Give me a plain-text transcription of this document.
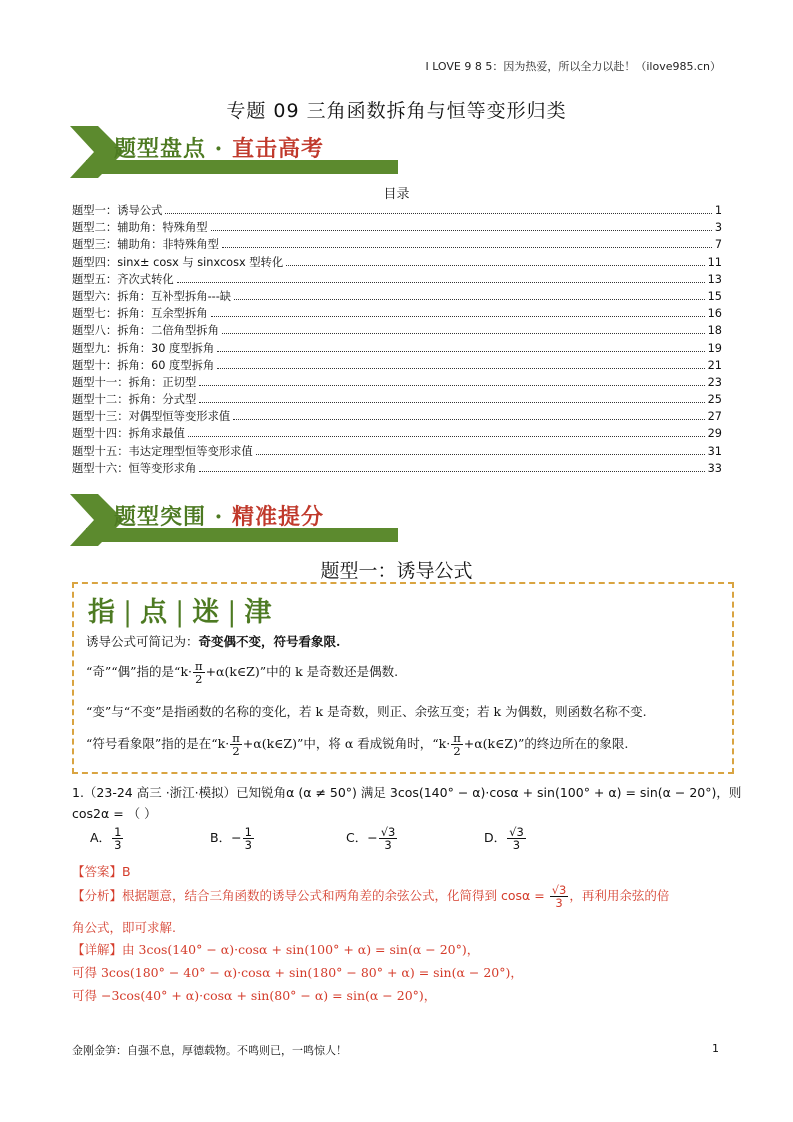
I LOVE 9 8 5：因为热爱，所以全力以赴！（ilove985.cn）
专题 09 三角函数拆角与恒等变形归类
题型盘点 · 直击高考
目录
题型一：诱导公式	1
题型二：辅助角：特殊角型	3
题型三：辅助角：非特殊角型	7
题型四：sinx± cosx 与 sinxcosx 型转化	11
题型五：齐次式转化	13
题型六：拆角：互补型拆角---缺	15
题型七：拆角：互余型拆角	16
题型八：拆角：二倍角型拆角	18
题型九：拆角：30 度型拆角	19
题型十：拆角：60 度型拆角	21
题型十一：拆角：正切型	23
题型十二：拆角：分式型	25
题型十三：对偶型恒等变形求值	27
题型十四：拆角求最值	29
题型十五：韦达定理型恒等变形求值	31
题型十六：恒等变形求角	33
题型突围 · 精准提分
题型一：诱导公式
指 | 点 | 迷 | 津
诱导公式可简记为：奇变偶不变，符号看象限.
“奇”“偶”指的是“$k\cdot \frac{\pi}{2}$ +α(k∈Z)”中的 k 是奇数还是偶数.
“变”与“不变”是指函数的名称的变化，若 k 是奇数，则正、余弦互变；若 k 为偶数，则函数名称不变.
“符号看象限”指的是在“$k\cdot \frac{\pi}{2}$ +α(k∈Z)”中，将 α 看成锐角时，“$k\cdot \frac{\pi}{2}$ +α(k∈Z)”的终边所在的象限.
1.（23-24 高三 ·浙江·模拟）已知锐角α (α ≠ 50°) 满足 3cos(140° − α)·cosα + sin(100° + α) = sin(α − 20°)，则
cos2α = （ ）
A． $\frac{1}{3}$	B．− $\frac{1}{3}$	C．− $\frac{√3}{3}$	D． $\frac{√3}{3}$
【答案】B
【分析】根据题意，结合三角函数的诱导公式和两角差的余弦公式，化简得到 $\cos\alpha = \frac{√3}{3}$ ，再利用余弦的倍
角公式，即可求解.
【详解】由 3cos(140° − α)·cosα + sin(100° + α) = sin(α − 20°)，
可得 3cos(180° − 40° − α)·cosα + sin(180° − 80° + α) = sin(α − 20°)，
可得 −3cos(40° + α)·cosα + sin(80° − α) = sin(α − 20°)，
金刚金笋：自强不息，厚德载物。不鸣则已，一鸣惊人！	1
